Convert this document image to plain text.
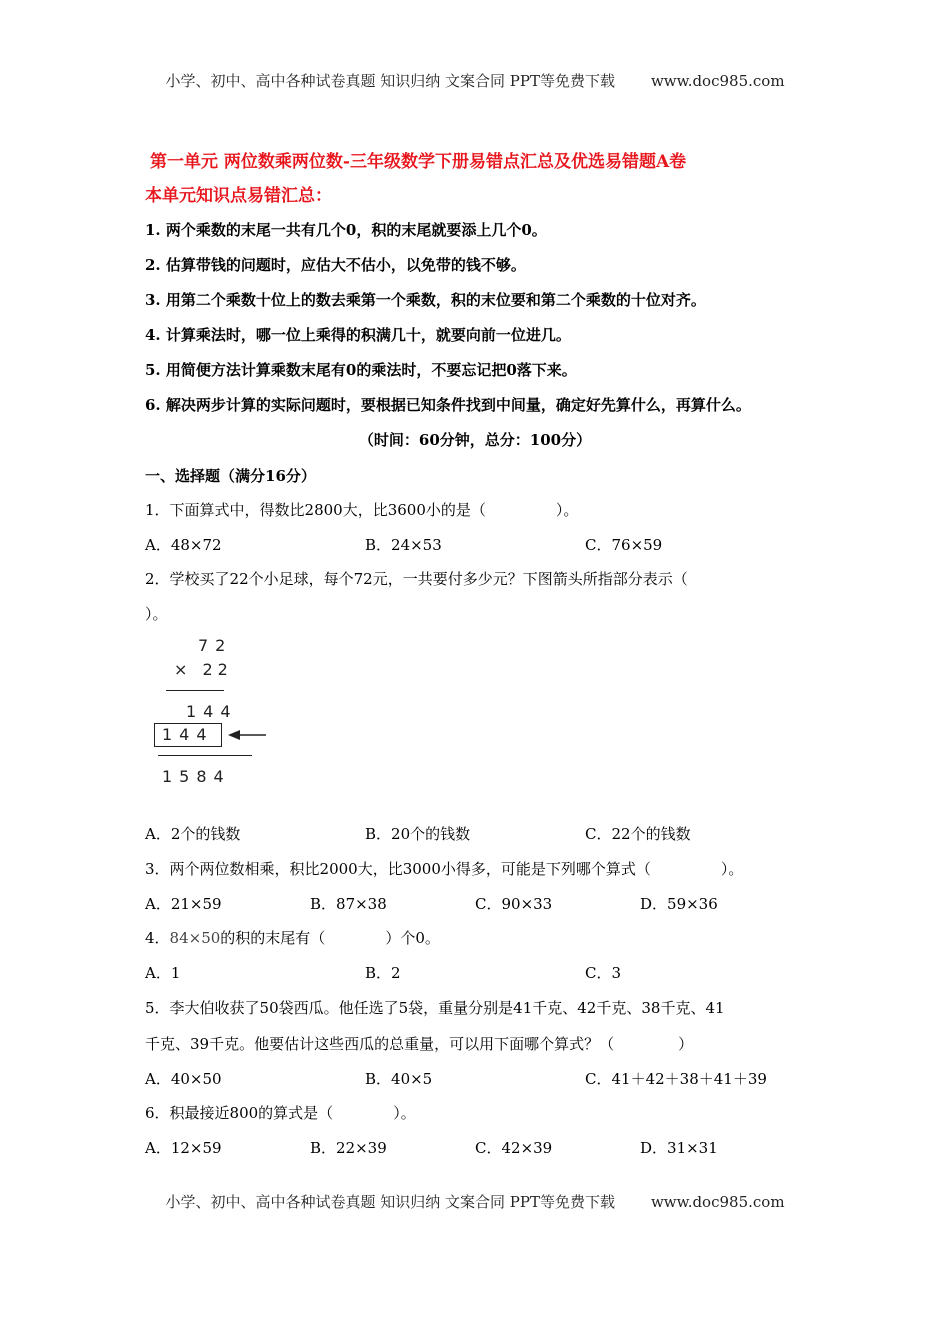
小学、初中、高中各种试卷真题 知识归纳 文案合同 PPT等免费下载 www.doc985.com
第一单元 两位数乘两位数-三年级数学下册易错点汇总及优选易错题A卷
本单元知识点易错汇总：
1. 两个乘数的末尾一共有几个0，积的末尾就要添上几个0。
2. 估算带钱的问题时，应估大不估小，以免带的钱不够。
3. 用第二个乘数十位上的数去乘第一个乘数，积的末位要和第二个乘数的十位对齐。
4. 计算乘法时，哪一位上乘得的积满几十，就要向前一位进几。
5. 用简便方法计算乘数末尾有0的乘法时，不要忘记把0落下来。
6. 解决两步计算的实际问题时，要根据已知条件找到中间量，确定好先算什么，再算什么。
（时间：60分钟，总分：100分）
一、选择题（满分16分）
1．下面算式中，得数比2800大，比3600小的是（	）。
A．48×72	B．24×53	C．76×59
2．学校买了22个小足球，每个72元，一共要付多少元？下图箭头所指部分表示（
）。
72
× 22
144
144
1584
A．2个的钱数	B．20个的钱数	C．22个的钱数
3．两个两位数相乘，积比2000大，比3000小得多，可能是下列哪个算式（	）。
A．21×59	B．87×38	C．90×33	D．59×36
4．84×50的积的末尾有（	）个0。
A．1	B．2	C．3
5．李大伯收获了50袋西瓜。他任选了5袋，重量分别是41千克、42千克、38千克、41
千克、39千克。他要估计这些西瓜的总重量，可以用下面哪个算式？（	）
A．40×50	B．40×5	C．41＋42＋38＋41＋39
6．积最接近800的算式是（	）。
A．12×59	B．22×39	C．42×39	D．31×31
小学、初中、高中各种试卷真题 知识归纳 文案合同 PPT等免费下载 www.doc985.com
